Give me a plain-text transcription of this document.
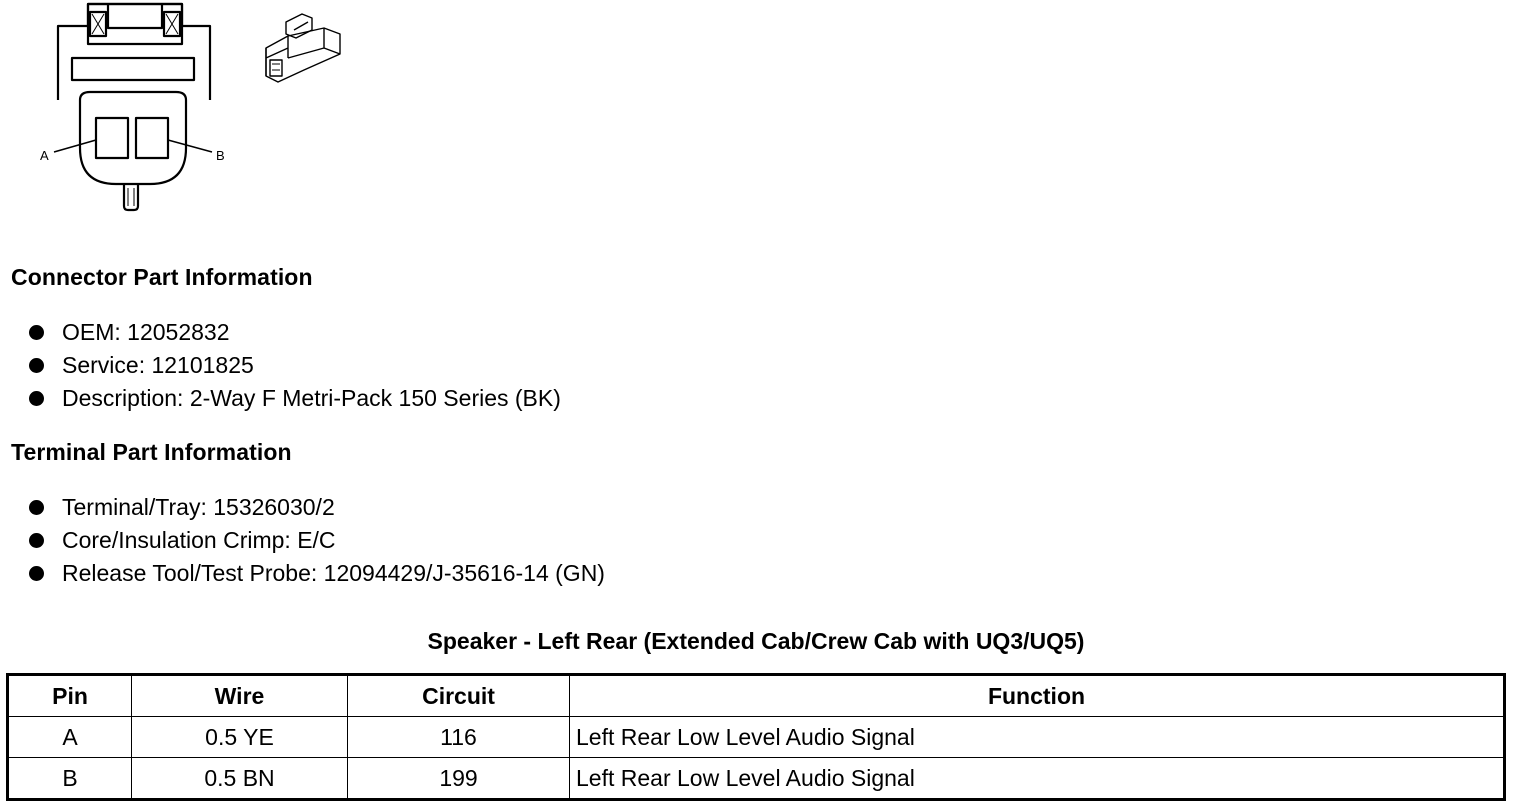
A	B
Connector Part Information
OEM: 12052832
Service: 12101825
Description: 2-Way F Metri-Pack 150 Series (BK)
Terminal Part Information
Terminal/Tray: 15326030/2
Core/Insulation Crimp: E/C
Release Tool/Test Probe: 12094429/J-35616-14 (GN)
Speaker - Left Rear (Extended Cab/Crew Cab with UQ3/UQ5)
Pin	Wire	Circuit	Function
A	0.5 YE	116	Left Rear Low Level Audio Signal
B	0.5 BN	199	Left Rear Low Level Audio Signal
